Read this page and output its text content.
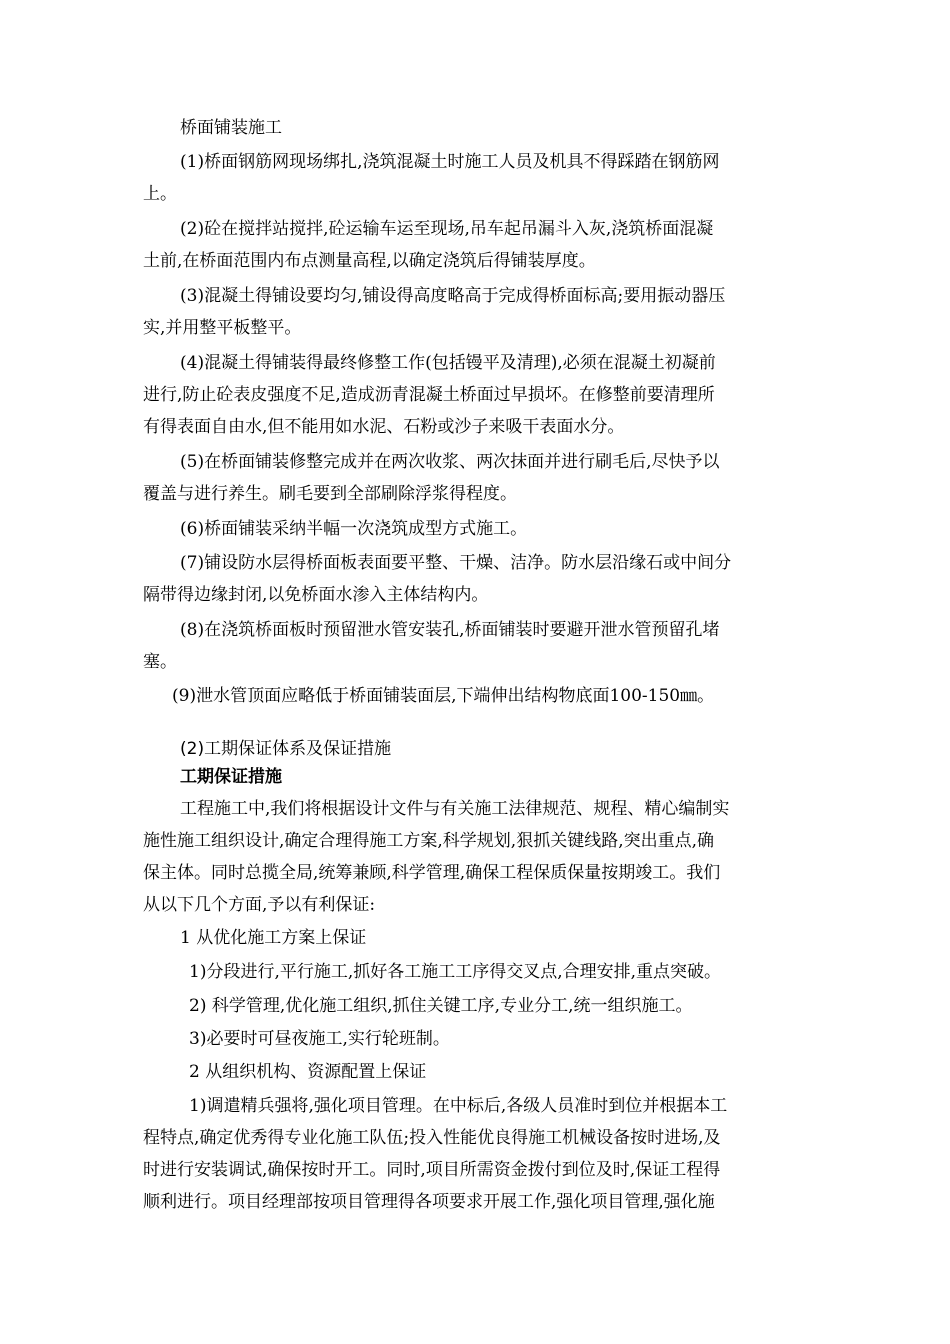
桥面铺装施工
(1)桥面钢筋网现场绑扎,浇筑混凝土时施工人员及机具不得踩踏在钢筋网
上。
(2)砼在搅拌站搅拌,砼运输车运至现场,吊车起吊漏斗入灰,浇筑桥面混凝
土前,在桥面范围内布点测量高程,以确定浇筑后得铺装厚度。
(3)混凝土得铺设要均匀,铺设得高度略高于完成得桥面标高;要用振动器压
实,并用整平板整平。
(4)混凝土得铺装得最终修整工作(包括镘平及清理),必须在混凝土初凝前
进行,防止砼表皮强度不足,造成沥青混凝土桥面过早损坏。在修整前要清理所
有得表面自由水,但不能用如水泥、石粉或沙子来吸干表面水分。
(5)在桥面铺装修整完成并在两次收浆、两次抹面并进行刷毛后,尽快予以
覆盖与进行养生。刷毛要到全部刷除浮浆得程度。
(6)桥面铺装采纳半幅一次浇筑成型方式施工。
(7)铺设防水层得桥面板表面要平整、干燥、洁净。防水层沿缘石或中间分
隔带得边缘封闭,以免桥面水渗入主体结构内。
(8)在浇筑桥面板时预留泄水管安装孔,桥面铺装时要避开泄水管预留孔堵
塞。
(9)泄水管顶面应略低于桥面铺装面层,下端伸出结构物底面100-150㎜。
(2)工期保证体系及保证措施
工期保证措施
工程施工中,我们将根据设计文件与有关施工法律规范、规程、精心编制实
施性施工组织设计,确定合理得施工方案,科学规划,狠抓关键线路,突出重点,确
保主体。同时总揽全局,统筹兼顾,科学管理,确保工程保质保量按期竣工。我们
从以下几个方面,予以有利保证:
1 从优化施工方案上保证
1)分段进行,平行施工,抓好各工施工工序得交叉点,合理安排,重点突破。
2) 科学管理,优化施工组织,抓住关键工序,专业分工,统一组织施工。
3)必要时可昼夜施工,实行轮班制。
2 从组织机构、资源配置上保证
1)调遣精兵强将,强化项目管理。在中标后,各级人员准时到位并根据本工
程特点,确定优秀得专业化施工队伍;投入性能优良得施工机械设备按时进场,及
时进行安装调试,确保按时开工。同时,项目所需资金拨付到位及时,保证工程得
顺利进行。项目经理部按项目管理得各项要求开展工作,强化项目管理,强化施
